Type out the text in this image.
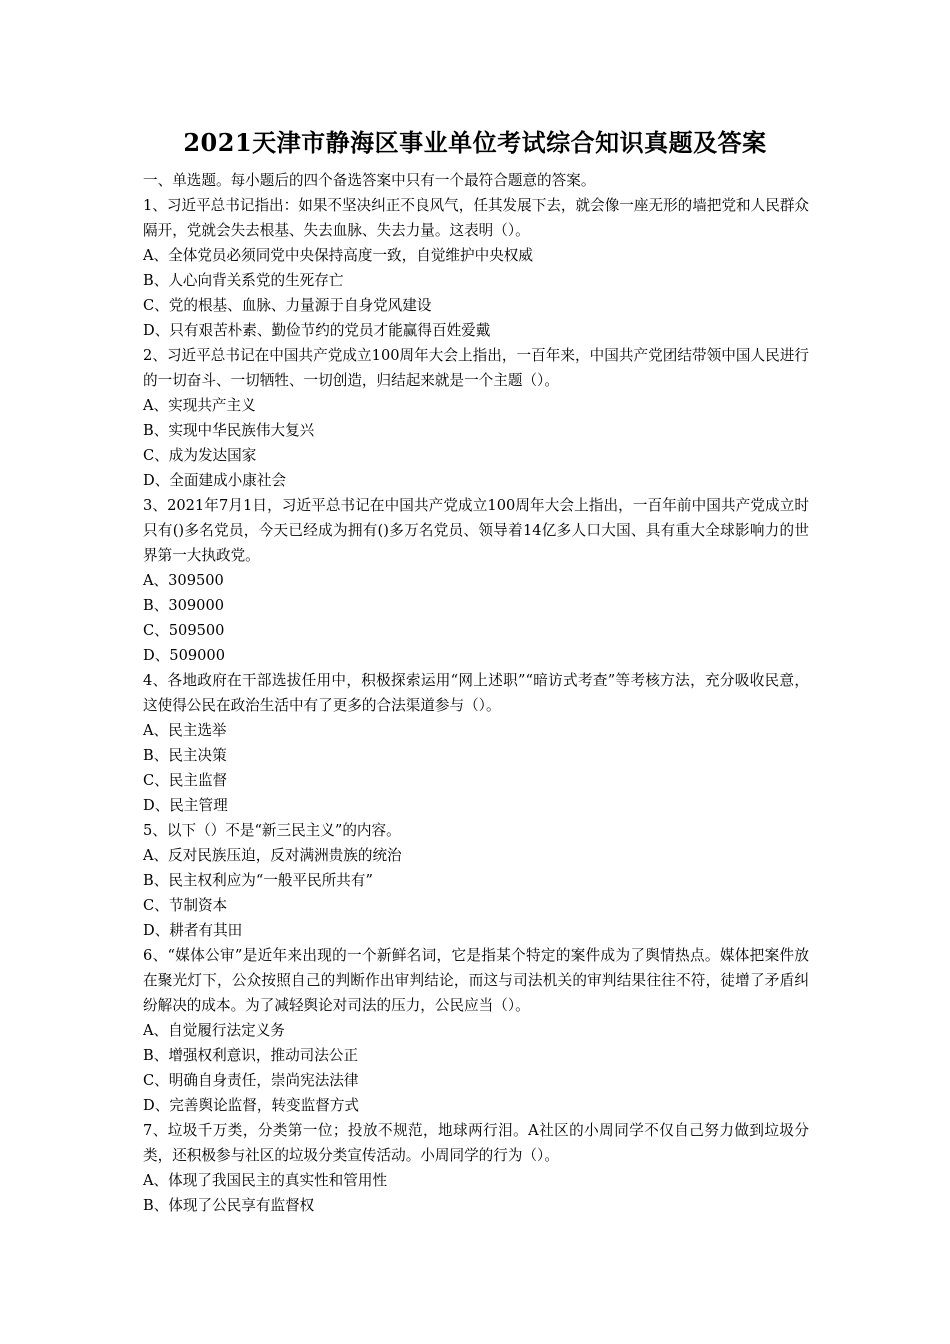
2021天津市静海区事业单位考试综合知识真题及答案
一、单选题。每小题后的四个备选答案中只有一个最符合题意的答案。
1、习近平总书记指出：如果不坚决纠正不良风气，任其发展下去，就会像一座无形的墙把党和人民群众隔开，党就会失去根基、失去血脉、失去力量。这表明（）。
A、全体党员必须同党中央保持高度一致，自觉维护中央权威
B、人心向背关系党的生死存亡
C、党的根基、血脉、力量源于自身党风建设
D、只有艰苦朴素、勤俭节约的党员才能赢得百姓爱戴
2、习近平总书记在中国共产党成立100周年大会上指出，一百年来，中国共产党团结带领中国人民进行的一切奋斗、一切牺牲、一切创造，归结起来就是一个主题（）。
A、实现共产主义
B、实现中华民族伟大复兴
C、成为发达国家
D、全面建成小康社会
3、2021年7月1日，习近平总书记在中国共产党成立100周年大会上指出，一百年前中国共产党成立时只有()多名党员，今天已经成为拥有()多万名党员、领导着14亿多人口大国、具有重大全球影响力的世界第一大执政党。
A、309500
B、309000
C、509500
D、509000
4、各地政府在干部选拔任用中，积极探索运用“网上述职”“暗访式考查”等考核方法，充分吸收民意，这使得公民在政治生活中有了更多的合法渠道参与（）。
A、民主选举
B、民主决策
C、民主监督
D、民主管理
5、以下（）不是“新三民主义”的内容。
A、反对民族压迫，反对满洲贵族的统治
B、民主权利应为“一般平民所共有”
C、节制资本
D、耕者有其田
6、“媒体公审”是近年来出现的一个新鲜名词，它是指某个特定的案件成为了舆情热点。媒体把案件放在聚光灯下，公众按照自己的判断作出审判结论，而这与司法机关的审判结果往往不符，徒增了矛盾纠纷解决的成本。为了减轻舆论对司法的压力，公民应当（）。
A、自觉履行法定义务
B、增强权利意识，推动司法公正
C、明确自身责任，崇尚宪法法律
D、完善舆论监督，转变监督方式
7、垃圾千万类，分类第一位；投放不规范，地球两行泪。A社区的小周同学不仅自己努力做到垃圾分类，还积极参与社区的垃圾分类宣传活动。小周同学的行为（）。
A、体现了我国民主的真实性和管用性
B、体现了公民享有监督权
